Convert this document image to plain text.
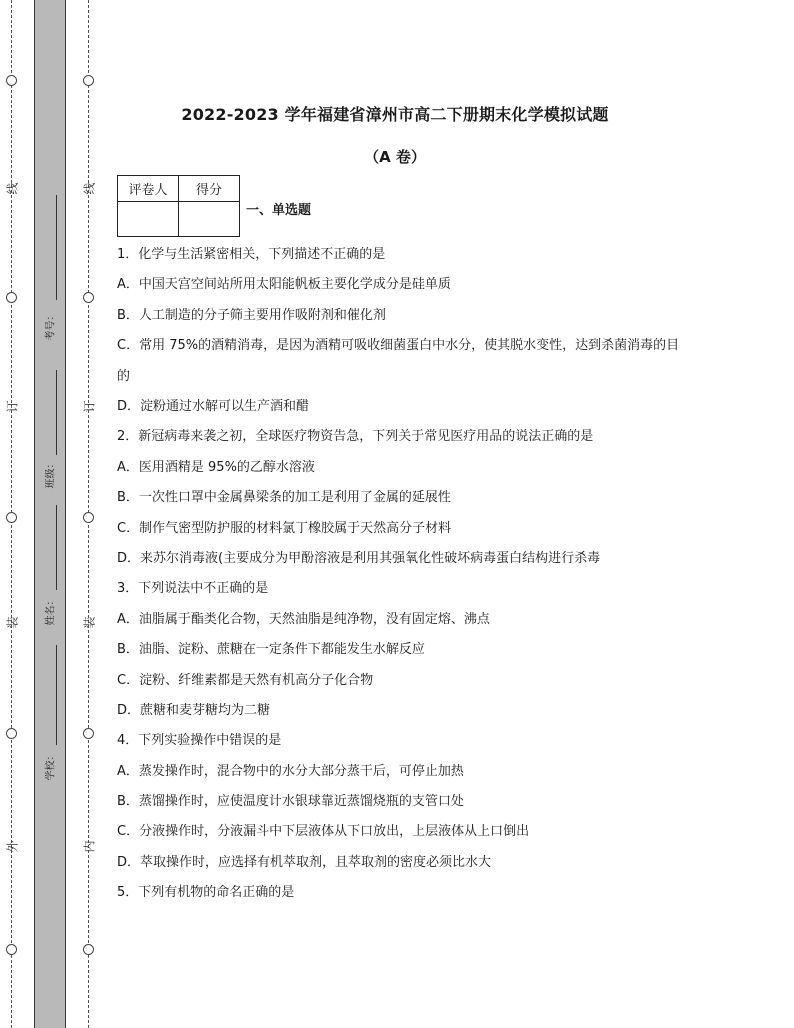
线
订
装
外
线
订
装
内
考号：
班级：
姓名：
学校：
2022-2023 学年福建省漳州市高二下册期末化学模拟试题
（A 卷）
评卷人	得分

一、单选题
1．化学与生活紧密相关，下列描述不正确的是
A．中国天宫空间站所用太阳能帆板主要化学成分是硅单质
B．人工制造的分子筛主要用作吸附剂和催化剂
C．常用 75%的酒精消毒，是因为酒精可吸收细菌蛋白中水分，使其脱水变性，达到杀菌消毒的目的
D．淀粉通过水解可以生产酒和醋
2．新冠病毒来袭之初，全球医疗物资告急，下列关于常见医疗用品的说法正确的是
A．医用酒精是 95%的乙醇水溶液
B．一次性口罩中金属鼻梁条的加工是利用了金属的延展性
C．制作气密型防护服的材料氯丁橡胶属于天然高分子材料
D．来苏尔消毒液(主要成分为甲酚溶液是利用其强氧化性破坏病毒蛋白结构进行杀毒
3．下列说法中不正确的是
A．油脂属于酯类化合物，天然油脂是纯净物，没有固定熔、沸点
B．油脂、淀粉、蔗糖在一定条件下都能发生水解反应
C．淀粉、纤维素都是天然有机高分子化合物
D．蔗糖和麦芽糖均为二糖
4．下列实验操作中错误的是
A．蒸发操作时，混合物中的水分大部分蒸干后，可停止加热
B．蒸馏操作时，应使温度计水银球靠近蒸馏烧瓶的支管口处
C．分液操作时，分液漏斗中下层液体从下口放出，上层液体从上口倒出
D．萃取操作时，应选择有机萃取剂，且萃取剂的密度必须比水大
5．下列有机物的命名正确的是
